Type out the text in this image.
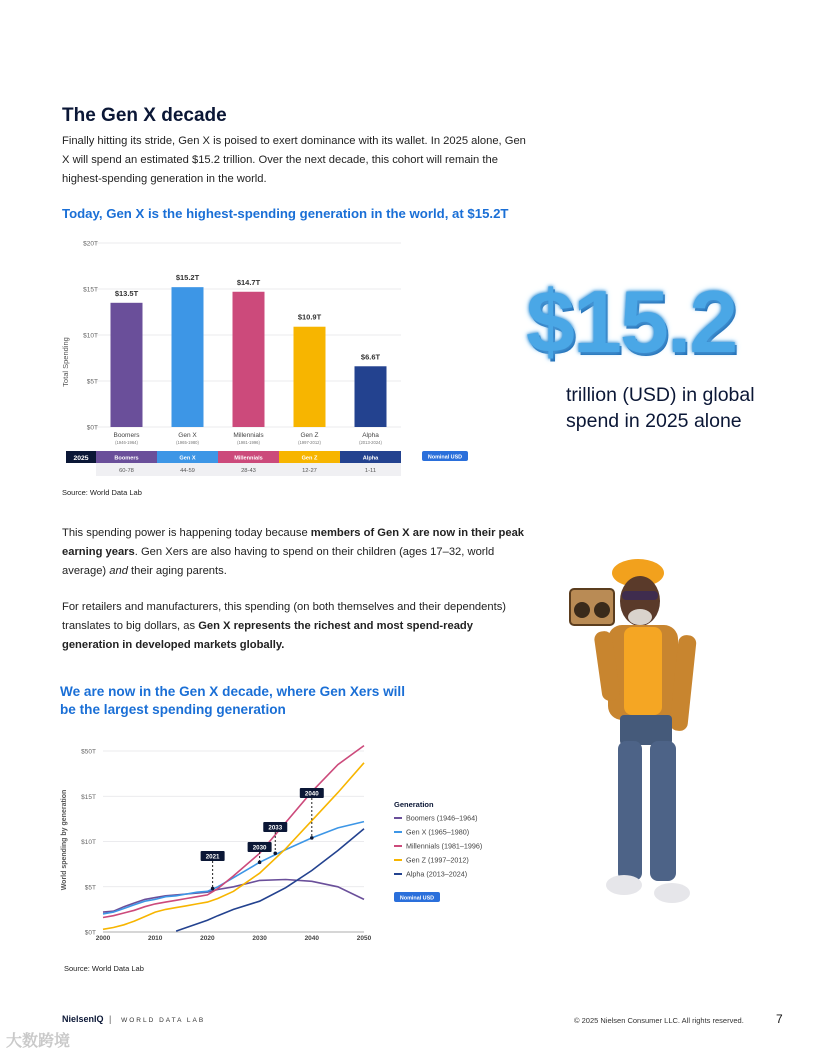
The Gen X decade

Finally hitting its stride, Gen X is poised to exert dominance with its wallet. In 2025 alone, Gen X will spend an estimated $15.2 trillion. Over the next decade, this cohort will remain the highest-spending generation in the world.

Today, Gen X is the highest-spending generation in the world, at $15.2T
Total Spending
$0T
$5T
$10T
$15T
$20T
$13.5T
$15.2T
$14.7T
$10.9T
$6.6T
Boomers
(1946-1964)
Gen X
(1965-1980)
Millennials
(1981-1996)
Gen Z
(1997-2012)
Alpha
(2013-2024)
2025	Boomers	Gen X	Millennials	Gen Z	Alpha
60-78	44-59	28-43	12-27	1-11
Nominal USD
Source: World Data Lab
$15.2
trillion (USD) in global spend in 2025 alone

This spending power is happening today because members of Gen X are now in their peak earning years. Gen Xers are also having to spend on their children (ages 17–32, world average) and their aging parents.

For retailers and manufacturers, this spending (on both themselves and their dependents) translates to big dollars, as Gen X represents the richest and most spend-ready generation in developed markets globally.

We are now in the Gen X decade, where Gen Xers will be the largest spending generation
World spending by generation
$0T
$5T
$10T
$15T
$50T
2000	2010	2020	2030	2040	2050
2021
2030
2033
2040
Generation
Boomers (1946–1964)
Gen X (1965–1980)
Millennials (1981–1996)
Gen Z (1997–2012)
Alpha (2013–2024)
Nominal USD
Source: World Data Lab
NielsenIQ | WORLD DATA LAB	© 2025 Nielsen Consumer LLC. All rights reserved.	7
大数跨境
